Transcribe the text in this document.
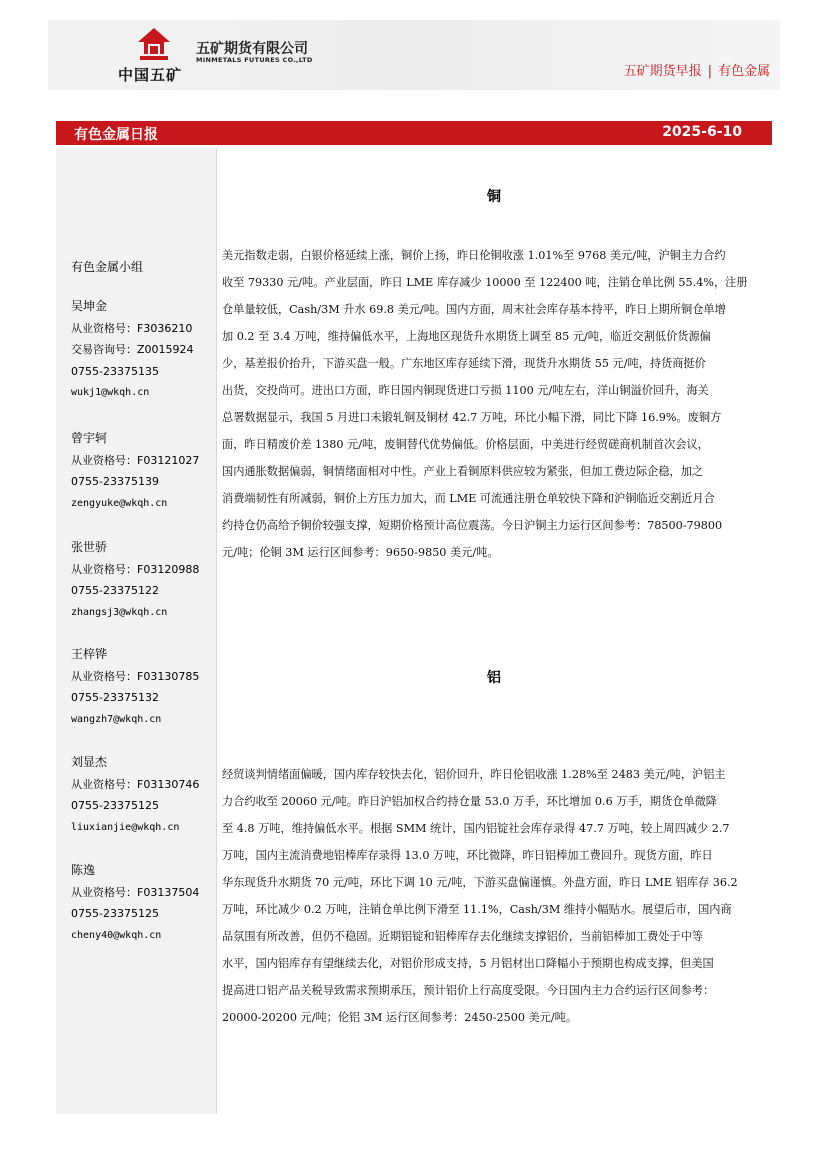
中国五矿
五矿期货有限公司
MINMETALS FUTURES CO.,LTD
五矿期货早报 | 有色金属
有色金属日报	2025-6-10
有色金属小组
吴坤金
从业资格号：F3036210
交易咨询号：Z0015924
0755-23375135
wukj1@wkqh.cn
曾宇轲
从业资格号：F03121027
0755-23375139
zengyuke@wkqh.cn
张世骄
从业资格号：F03120988
0755-23375122
zhangsj3@wkqh.cn
王梓铧
从业资格号：F03130785
0755-23375132
wangzh7@wkqh.cn
刘显杰
从业资格号：F03130746
0755-23375125
liuxianjie@wkqh.cn
陈逸
从业资格号：F03137504
0755-23375125
cheny40@wkqh.cn
铜
美元指数走弱，白银价格延续上涨，铜价上扬，昨日伦铜收涨 1.01%至 9768 美元/吨，沪铜主力合约
收至 79330 元/吨。产业层面，昨日 LME 库存减少 10000 至 122400 吨，注销仓单比例 55.4%，注册
仓单量较低，Cash/3M 升水 69.8 美元/吨。国内方面，周末社会库存基本持平，昨日上期所铜仓单增
加 0.2 至 3.4 万吨，维持偏低水平，上海地区现货升水期货上调至 85 元/吨，临近交割低价货源偏
少，基差报价抬升，下游买盘一般。广东地区库存延续下滑，现货升水期货 55 元/吨，持货商挺价
出货，交投尚可。进出口方面，昨日国内铜现货进口亏损 1100 元/吨左右，洋山铜溢价回升，海关
总署数据显示，我国 5 月进口未锻轧铜及铜材 42.7 万吨，环比小幅下滑，同比下降 16.9%。废铜方
面，昨日精废价差 1380 元/吨，废铜替代优势偏低。价格层面，中美进行经贸磋商机制首次会议，
国内通胀数据偏弱，铜情绪面相对中性。产业上看铜原料供应较为紧张，但加工费边际企稳，加之
消费端韧性有所减弱，铜价上方压力加大，而 LME 可流通注册仓单较快下降和沪铜临近交割近月合
约持仓仍高给予铜价较强支撑，短期价格预计高位震荡。今日沪铜主力运行区间参考：78500-79800
元/吨；伦铜 3M 运行区间参考：9650-9850 美元/吨。
铝
经贸谈判情绪面偏暖，国内库存较快去化，铝价回升，昨日伦铝收涨 1.28%至 2483 美元/吨，沪铝主
力合约收至 20060 元/吨。昨日沪铝加权合约持仓量 53.0 万手，环比增加 0.6 万手，期货仓单微降
至 4.8 万吨，维持偏低水平。根据 SMM 统计，国内铝锭社会库存录得 47.7 万吨，较上周四减少 2.7
万吨，国内主流消费地铝棒库存录得 13.0 万吨，环比微降，昨日铝棒加工费回升。现货方面，昨日
华东现货升水期货 70 元/吨，环比下调 10 元/吨，下游买盘偏谨慎。外盘方面，昨日 LME 铝库存 36.2
万吨，环比减少 0.2 万吨，注销仓单比例下滑至 11.1%，Cash/3M 维持小幅贴水。展望后市，国内商
品氛围有所改善，但仍不稳固。近期铝锭和铝棒库存去化继续支撑铝价，当前铝棒加工费处于中等
水平，国内铝库存有望继续去化，对铝价形成支持，5 月铝材出口降幅小于预期也构成支撑，但美国
提高进口铝产品关税导致需求预期承压，预计铝价上行高度受限。今日国内主力合约运行区间参考：
20000-20200 元/吨；伦铝 3M 运行区间参考：2450-2500 美元/吨。
